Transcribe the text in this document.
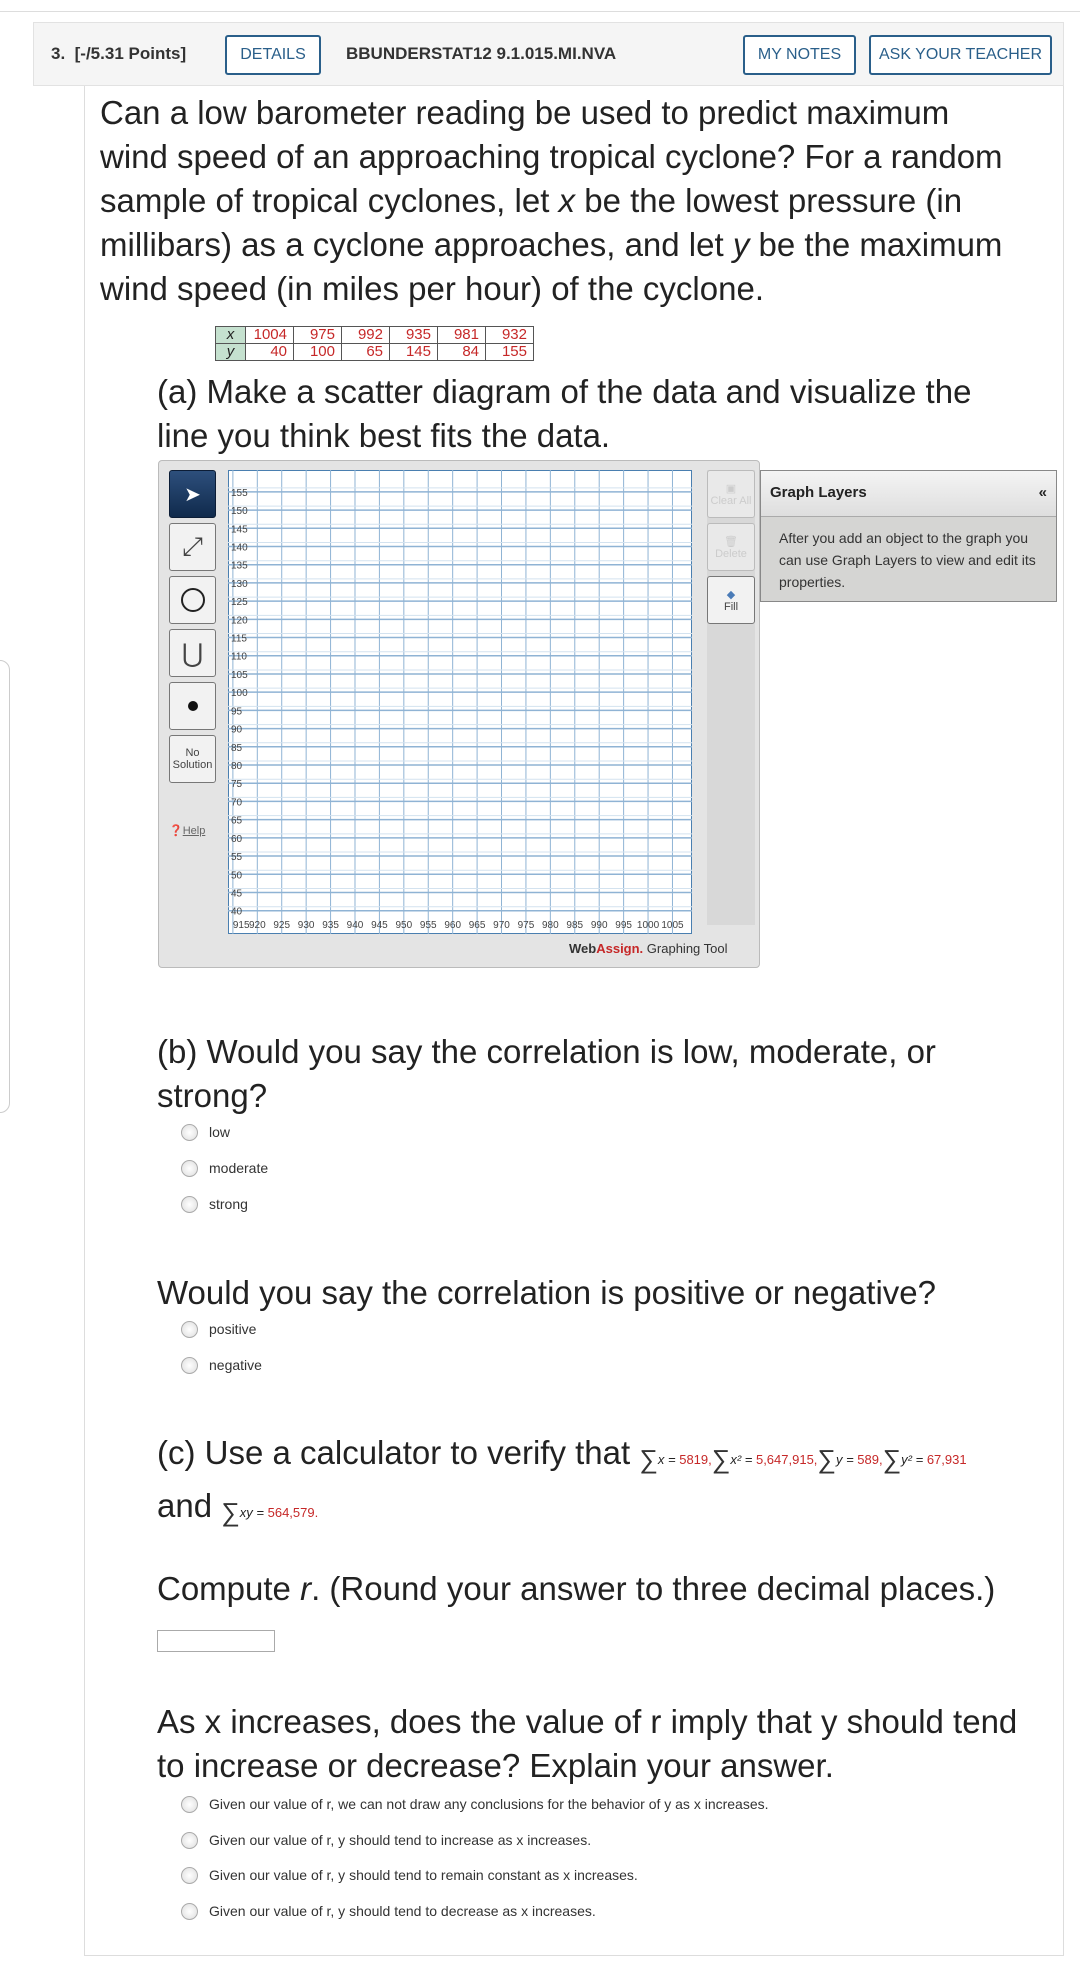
3. [-/5.31 Points]	DETAILS	BBUNDERSTAT12 9.1.015.MI.NVA	MY NOTES	ASK YOUR TEACHER
Can a low barometer reading be used to predict maximum
wind speed of an approaching tropical cyclone? For a random
sample of tropical cyclones, let x be the lowest pressure (in
millibars) as a cyclone approaches, and let y be the maximum
wind speed (in miles per hour) of the cyclone.
x	1004	975	992	935	981	932
y	40	100	65	145	84	155
(a) Make a scatter diagram of the data and visualize the
line you think best fits the data.
➤
⤢
⋃
No Solution
❓Help
915 920 925 930 935 940 945 950 955 960 965 970 975 980 985 990 995 1000 1005
40
45
50
55
60
65
70
75
80
85
90
95
100
105
110
115
120
125
130
135
140
145
150
155	▣
Clear All
🗑
Delete
◆
Fill
WebAssign. Graphing Tool
Graph Layers	«
After you add an object to the graph you can use Graph Layers to view and edit its properties.
(b) Would you say the correlation is low, moderate, or
strong?
low
moderate
strong
positive
negative
Would you say the correlation is positive or negative?
(c) Use a calculator to verify that ∑x = 5819,∑x² = 5,647,915,∑y = 589,∑y² = 67,931
and ∑xy = 564,579.
Compute r. (Round your answer to three decimal places.)
As x increases, does the value of r imply that y should tend
to increase or decrease? Explain your answer.
Given our value of r, we can not draw any conclusions for the behavior of y as x increases.
Given our value of r, y should tend to increase as x increases.
Given our value of r, y should tend to remain constant as x increases.
Given our value of r, y should tend to decrease as x increases.
